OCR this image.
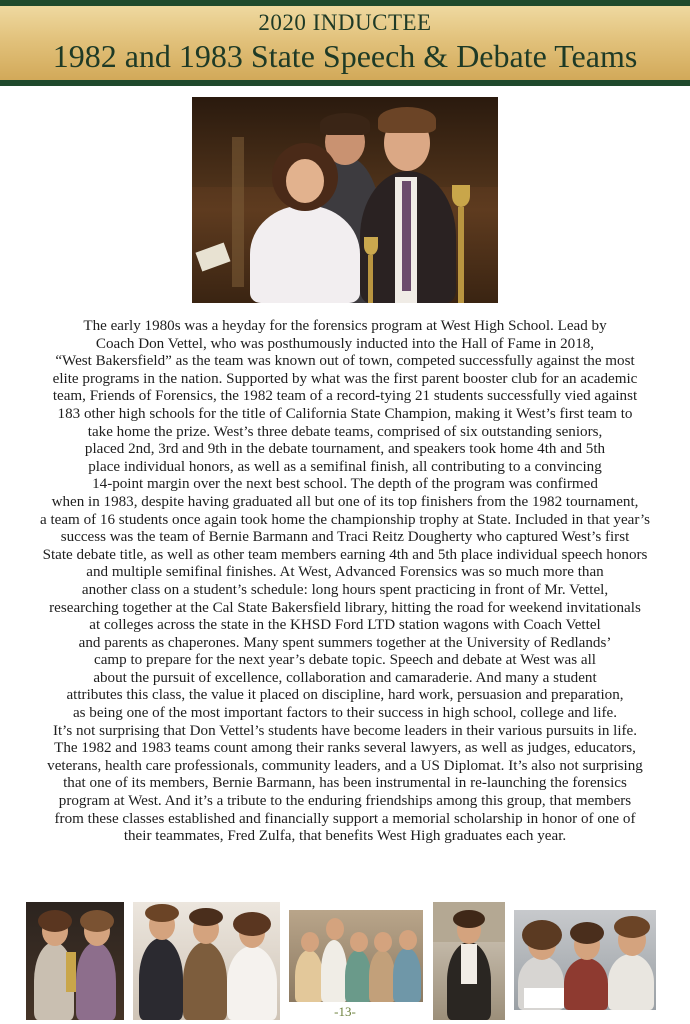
2020 INDUCTEE
1982 and 1983 State Speech & Debate Teams
The early 1980s was a heyday for the forensics program at West High School. Lead by
Coach Don Vettel, who was posthumously inducted into the Hall of Fame in 2018,
“West Bakersfield” as the team was known out of town, competed successfully against the most
elite programs in the nation. Supported by what was the first parent booster club for an academic
team, Friends of Forensics, the 1982 team of a record-tying 21 students successfully vied against
183 other high schools for the title of California State Champion, making it West’s first team to
take home the prize. West’s three debate teams, comprised of six outstanding seniors,
placed 2nd, 3rd and 9th in the debate tournament, and speakers took home 4th and 5th
place individual honors, as well as a semifinal finish, all contributing to a convincing
14-point margin over the next best school. The depth of the program was confirmed
when in 1983, despite having graduated all but one of its top finishers from the 1982 tournament,
a team of 16 students once again took home the championship trophy at State. Included in that year’s
success was the team of Bernie Barmann and Traci Reitz Dougherty who captured West’s first
State debate title, as well as other team members earning 4th and 5th place individual speech honors
and multiple semifinal finishes. At West, Advanced Forensics was so much more than
another class on a student’s schedule: long hours spent practicing in front of Mr. Vettel,
researching together at the Cal State Bakersfield library, hitting the road for weekend invitationals
at colleges across the state in the KHSD Ford LTD station wagons with Coach Vettel
and parents as chaperones. Many spent summers together at the University of Redlands’
camp to prepare for the next year’s debate topic. Speech and debate at West was all
about the pursuit of excellence, collaboration and camaraderie. And many a student
attributes this class, the value it placed on discipline, hard work, persuasion and preparation,
as being one of the most important factors to their success in high school, college and life.
It’s not surprising that Don Vettel’s students have become leaders in their various pursuits in life.
The 1982 and 1983 teams count among their ranks several lawyers, as well as judges, educators,
veterans, health care professionals, community leaders, and a US Diplomat. It’s also not surprising
that one of its members, Bernie Barmann, has been instrumental in re-launching the forensics
program at West. And it’s a tribute to the enduring friendships among this group, that members
from these classes established and financially support a memorial scholarship in honor of one of
their teammates, Fred Zulfa, that benefits West High graduates each year.
-13-
